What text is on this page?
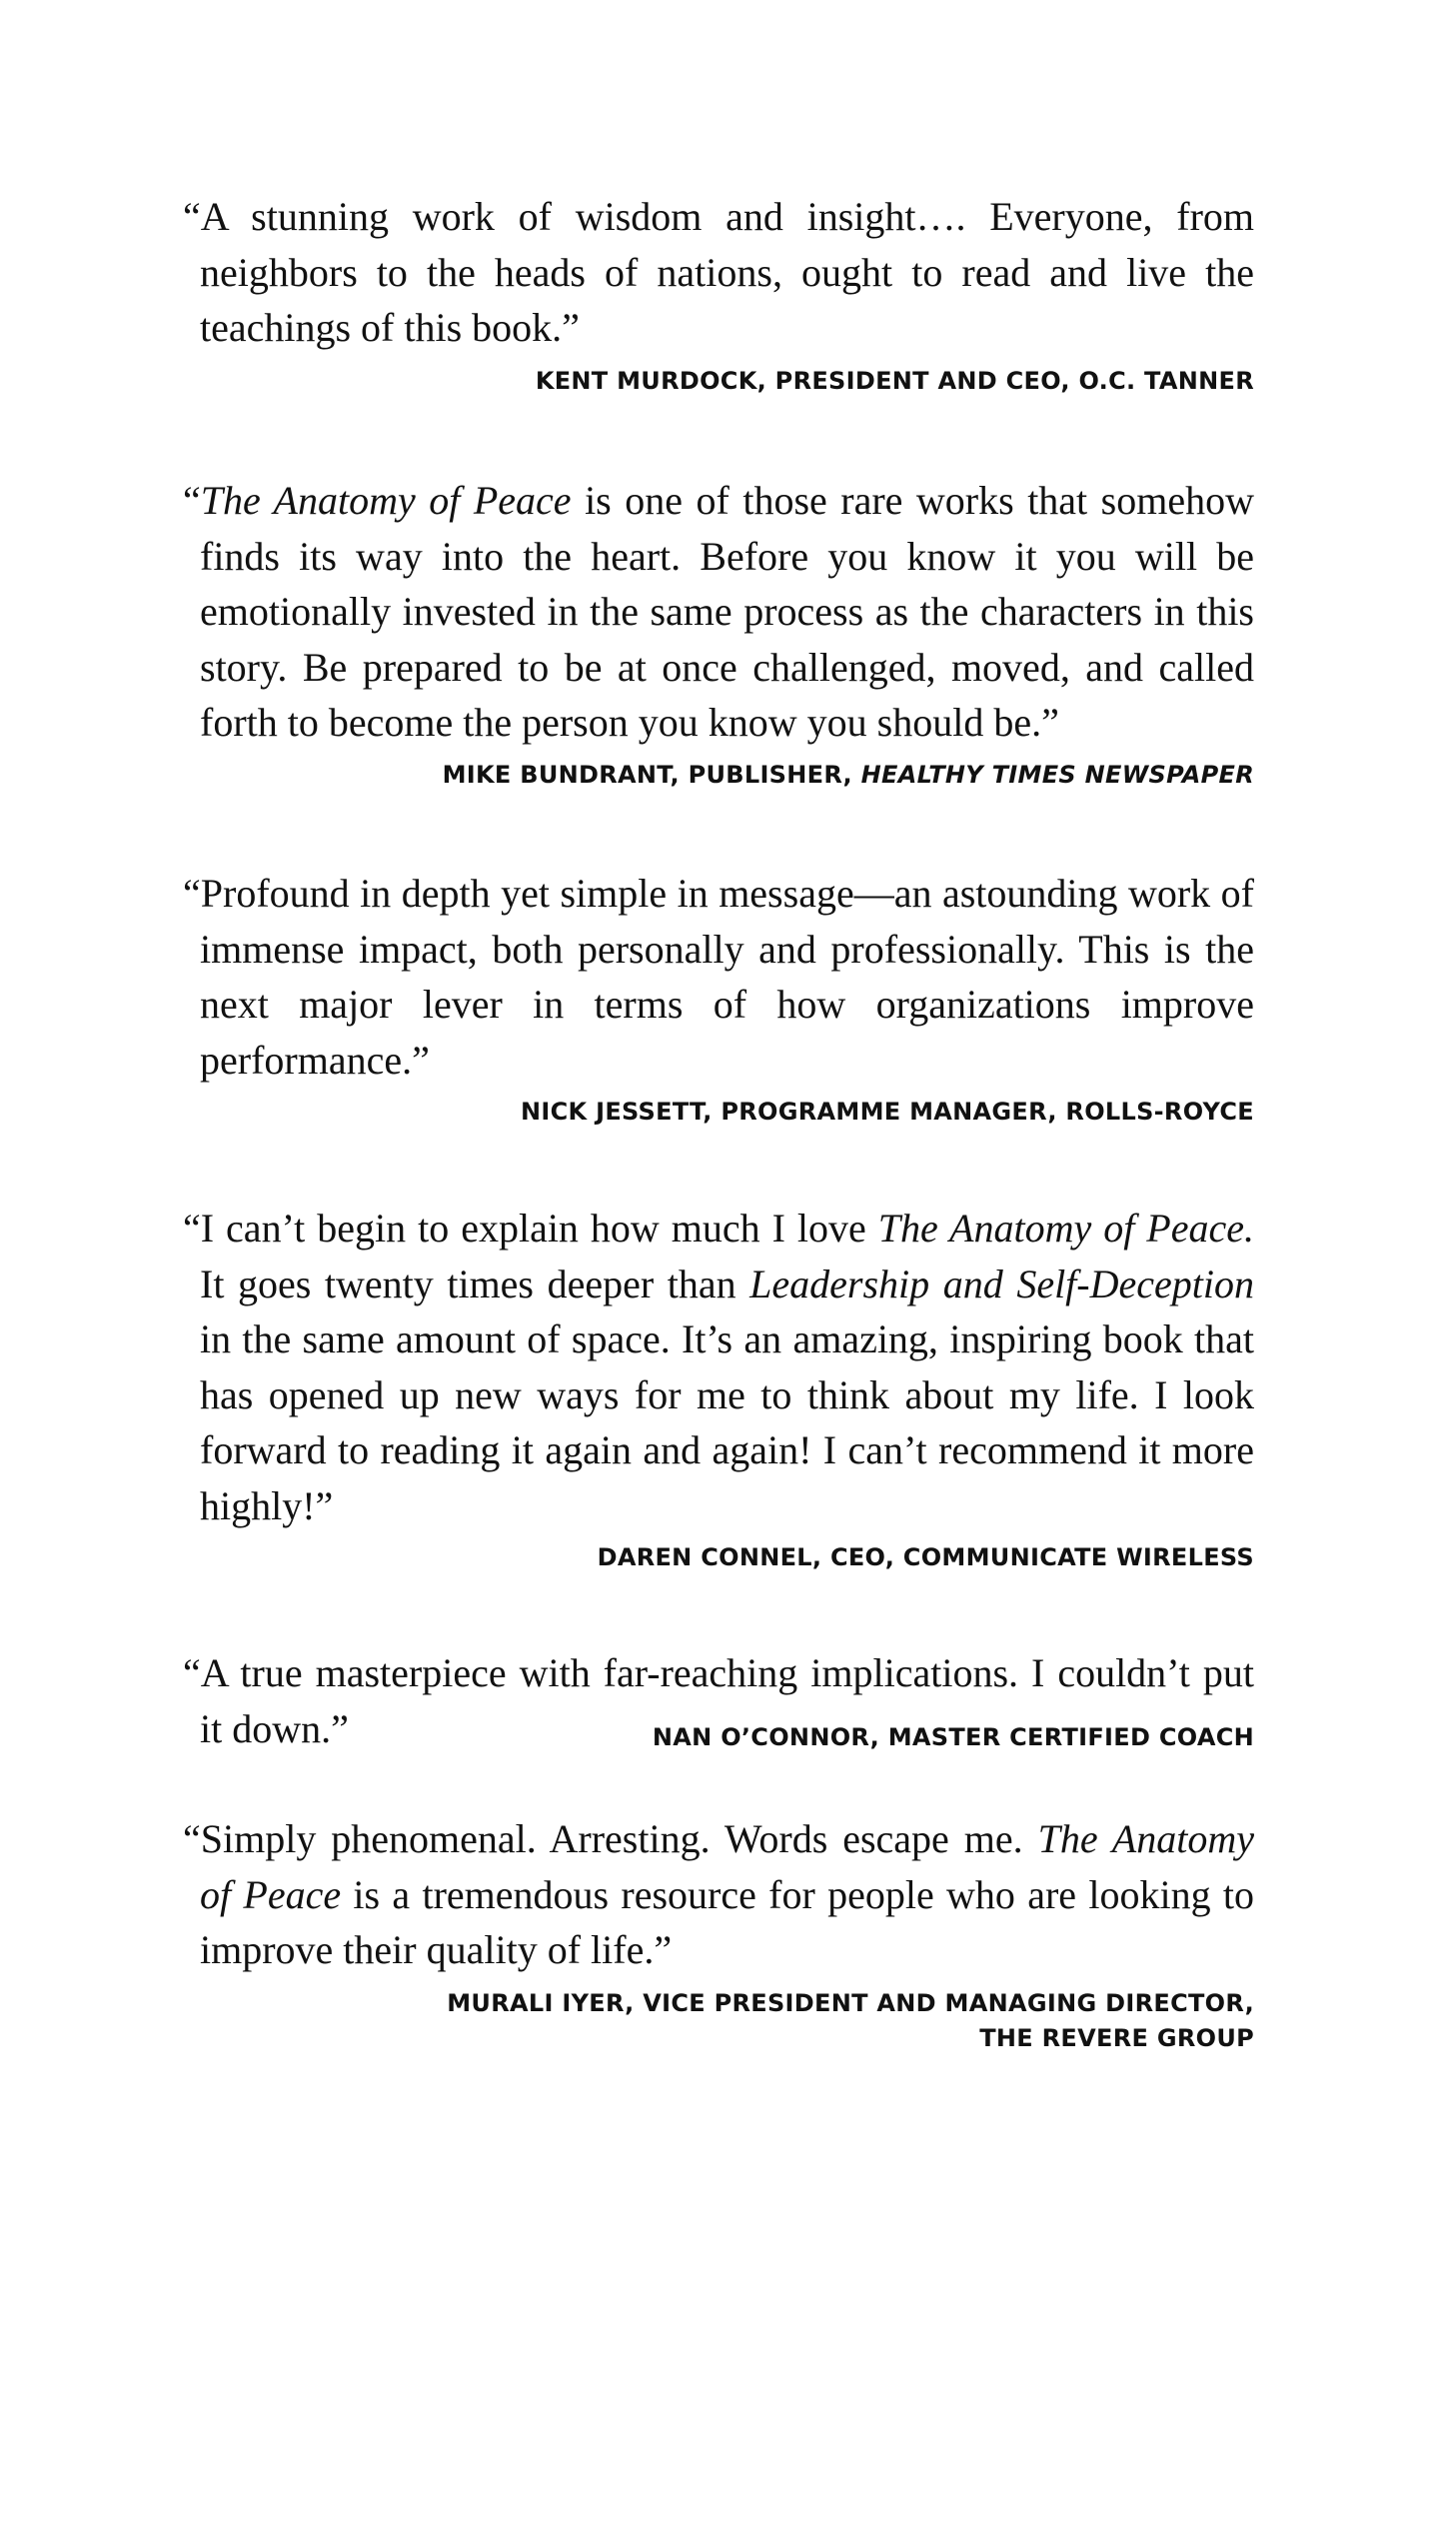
“A stunning work of wisdom and insight…. Everyone, from neighbors to the heads of nations, ought to read and live the teachings of this book.”

KENT MURDOCK, PRESIDENT AND CEO, O.C. TANNER

“The Anatomy of Peace is one of those rare works that somehow finds its way into the heart. Before you know it you will be emotionally invested in the same process as the characters in this story. Be prepared to be at once challenged, moved, and called forth to become the person you know you should be.”

MIKE BUNDRANT, PUBLISHER, HEALTHY TIMES NEWSPAPER

“Profound in depth yet simple in message—an astounding work of immense impact, both personally and professionally. This is the next major lever in terms of how organizations improve performance.”

NICK JESSETT, PROGRAMME MANAGER, ROLLS-ROYCE

“I can’t begin to explain how much I love The Anatomy of Peace. It goes twenty times deeper than Leadership and Self-Deception in the same amount of space. It’s an amazing, inspiring book that has opened up new ways for me to think about my life. I look forward to reading it again and again! I can’t recommend it more highly!”

DAREN CONNEL, CEO, COMMUNICATE WIRELESS

“A true masterpiece with far-reaching implications. I couldn’t put it down.”	NAN O’CONNOR, MASTER CERTIFIED COACH

“Simply phenomenal. Arresting. Words escape me. The Anatomy of Peace is a tremendous resource for people who are looking to improve their quality of life.”

MURALI IYER, VICE PRESIDENT AND MANAGING DIRECTOR,
THE REVERE GROUP
